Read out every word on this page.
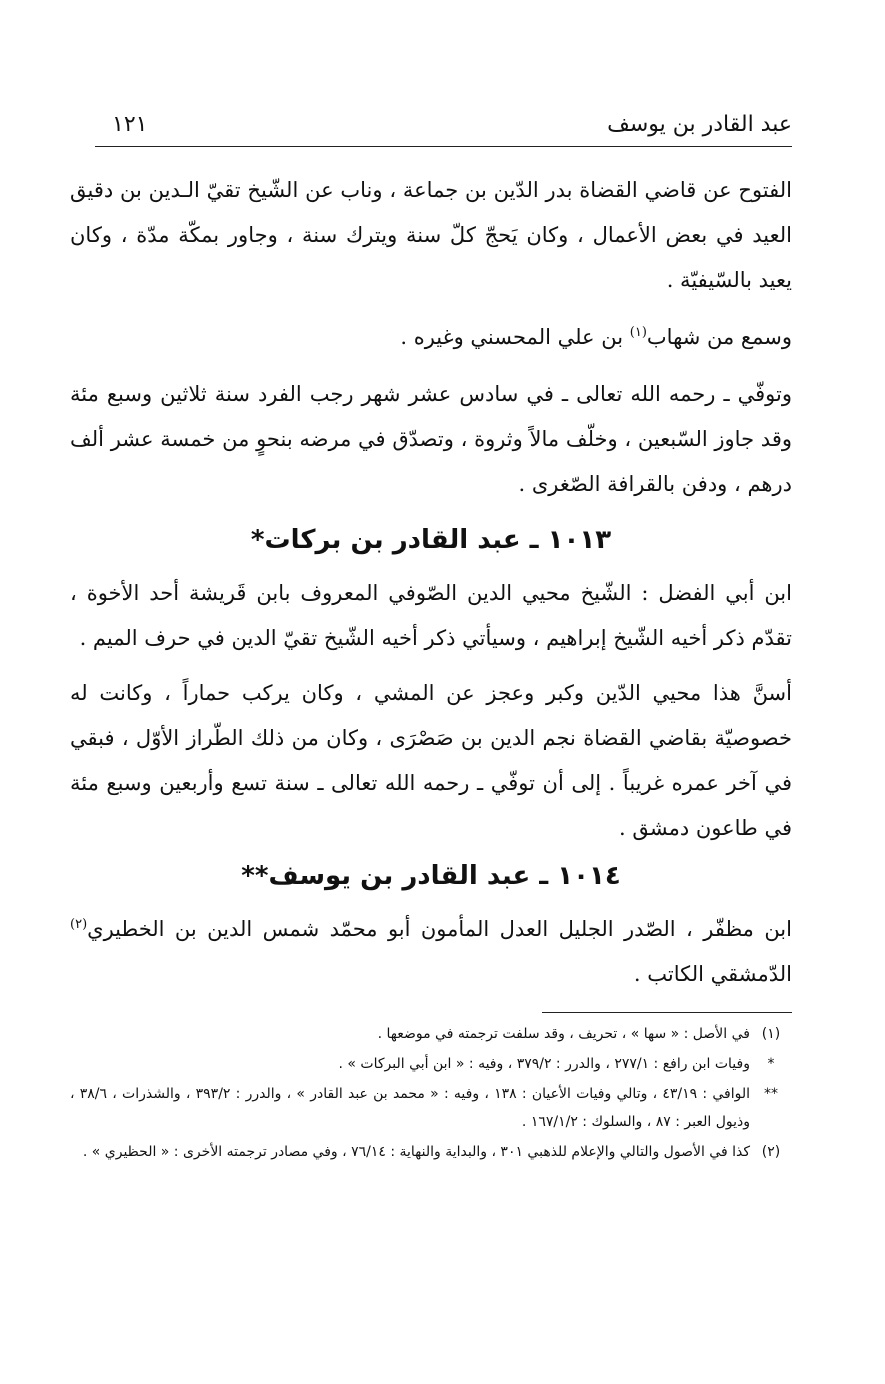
عبد القادر بن يوسف
١٢١

الفتوح عن قاضي القضاة بدر الدّين بن جماعة ، وناب عن الشّيخ تقيّ الـدين بن دقيق العيد في بعض الأعمال ، وكان يَحجّ كلّ سنة ويترك سنة ، وجاور بمكّة مدّة ، وكان يعيد بالسّيفيّة .

وسمع من شهاب$^{(١)}$ بن علي المحسني وغيره .

وتوفّي ـ رحمه الله تعالى ـ في سادس عشر شهر رجب الفرد سنة ثلاثين وسبع مئة وقد جاوز السّبعين ، وخلّف مالاً وثروة ، وتصدّق في مرضه بنحوٍ من خمسة عشر ألف درهم ، ودفن بالقرافة الصّغرى .

١٠١٣ ـ عبد القادر بن بركات*

ابن أبي الفضل : الشّيخ محيي الدين الصّوفي المعروف بابن قَريشة أحد الأخوة ، تقدّم ذكر أخيه الشّيخ إبراهيم ، وسيأتي ذكر أخيه الشّيخ تقيّ الدين في حرف الميم .

أسنَّ هذا محيي الدّين وكبر وعجز عن المشي ، وكان يركب حماراً ، وكانت له خصوصيّة بقاضي القضاة نجم الدين بن صَصْرَى ، وكان من ذلك الطّراز الأوّل ، فبقي في آخر عمره غريباً . إلى أن توفّي ـ رحمه الله تعالى ـ سنة تسع وأربعين وسبع مئة في طاعون دمشق .

١٠١٤ ـ عبد القادر بن يوسف**

ابن مظفّر ، الصّدر الجليل العدل المأمون أبو محمّد شمس الدين بن الخطيري$^{(٢)}$ الدّمشقي الكاتب .

(١)
في الأصل : « سها » ، تحريف ، وقد سلفت ترجمته في موضعها .
*
وفيات ابن رافع : ٢٧٧/١ ، والدرر : ٣٧٩/٢ ، وفيه : « ابن أبي البركات » .
**
الوافي : ٤٣/١٩ ، وتالي وفيات الأعيان : ١٣٨ ، وفيه : « محمد بن عبد القادر » ، والدرر : ٣٩٣/٢ ، والشذرات ، ٣٨/٦ ، وذيول العبر : ٨٧ ، والسلوك : ١٦٧/١/٢ .
(٢)
كذا في الأصول والتالي والإعلام للذهبي ٣٠١ ، والبداية والنهاية : ٧٦/١٤ ، وفي مصادر ترجمته الأخرى : « الحظيري » .
